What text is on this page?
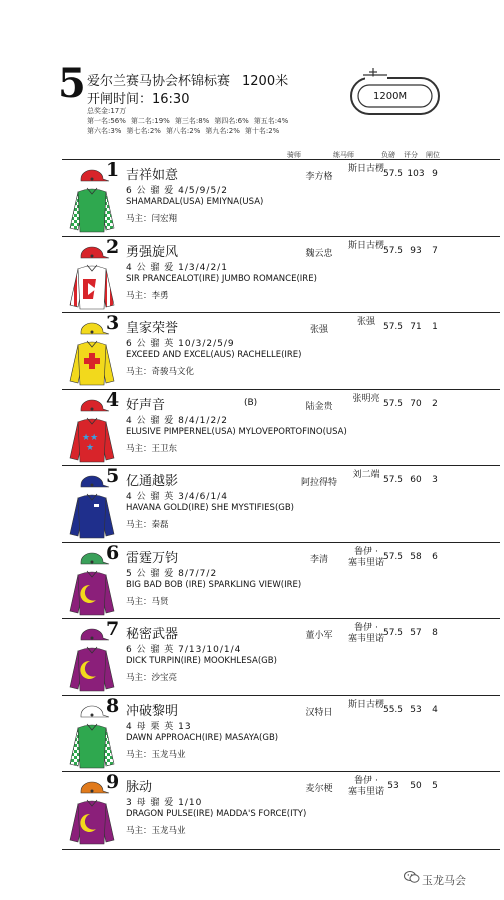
5 爱尔兰赛马协会杯锦标赛 1200米
开闸时间：16:30
总奖金:17万
第一名:56% 第二名:19% 第三名:8% 第四名:6% 第五名:4%
第六名:3% 第七名:2% 第八名:2% 第九名:2% 第十名:2%
1200M
骑师	练马师	负磅 评分 闸位
1 吉祥如意	李方格
斯日古楞
57.5 103 9
6 公 骝 爱 4/5/9/5/2
SHAMARDAL(USA) EMIYNA(USA)
马主：闫宏翔
2 勇强旋风	魏云忠
斯日古楞
57.5 93	7
4 公 骝 爱 1/3/4/2/1
SIR PRANCEALOT(IRE) JUMBO ROMANCE(IRE)
马主：李勇
3 皇家荣誉	张强
张强 57.5 71	1
6 公 骝 英 10/3/2/5/9
EXCEED AND EXCEL(AUS) RACHELLE(IRE)
马主：奇骏马文化
★★
★
4 好声音	(B)	陆金贵
张明亮 57.5 70	2
4 公 骝 爱 8/4/1/2/2
ELUSIVE PIMPERNEL(USA) MYLOVEPORTOFINO(USA)
马主：王卫东
5 亿通越影	阿拉得特
刘二端 57.5 60	3
4 公 骝 英 3/4/6/1/4
HAVANA GOLD(IRE) SHE MYSTIFIES(GB)
马主：秦磊
6 雷霆万钧	李清
鲁伊 ·
塞韦里诺
57.5 58	6
5 公 骝 爱 8/7/7/2
BIG BAD BOB (IRE) SPARKLING VIEW(IRE)
马主：马贤
7 秘密武器	董小军
鲁伊 ·
塞韦里诺
57.5 57	8
6 公 骝 英 7/13/10/1/4
DICK TURPIN(IRE) MOOKHLESA(GB)
马主：沙宝亮
8 冲破黎明	汉特日
斯日古楞
55.5 53	4
4 母 栗 英 13
DAWN APPROACH(IRE) MASAYA(GB)
马主：玉龙马业
9 脉动	麦尔梗
鲁伊 ·
塞韦里诺
53	50	5
3 母 骝 爱 1/10
DRAGON PULSE(IRE) MADDA'S FORCE(ITY)
马主：玉龙马业
玉龙马会
